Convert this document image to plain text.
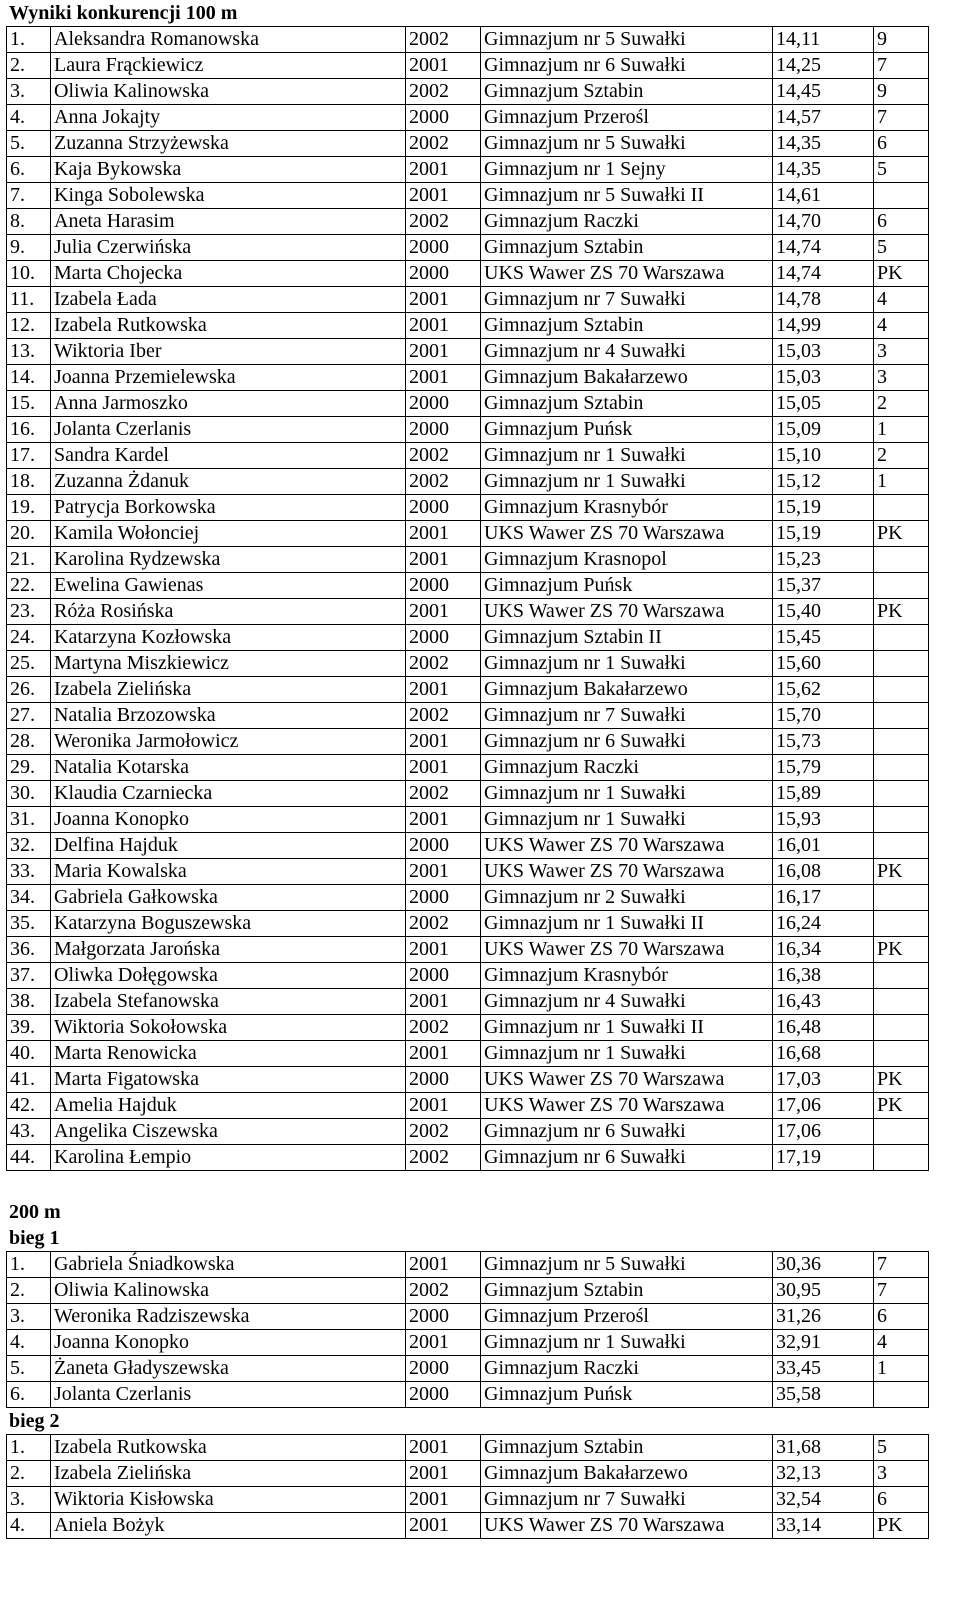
Wyniki konkurencji 100 m
1.	Aleksandra Romanowska	2002	Gimnazjum nr 5 Suwałki	14,11	9
2.	Laura Frąckiewicz	2001	Gimnazjum nr 6 Suwałki	14,25	7
3.	Oliwia Kalinowska	2002	Gimnazjum Sztabin	14,45	9
4.	Anna Jokajty	2000	Gimnazjum Przerośl	14,57	7
5.	Zuzanna Strzyżewska	2002	Gimnazjum nr 5 Suwałki	14,35	6
6.	Kaja Bykowska	2001	Gimnazjum nr 1 Sejny	14,35	5
7.	Kinga Sobolewska	2001	Gimnazjum nr 5 Suwałki II	14,61	
8.	Aneta Harasim	2002	Gimnazjum Raczki	14,70	6
9.	Julia Czerwińska	2000	Gimnazjum Sztabin	14,74	5
10.	Marta Chojecka	2000	UKS Wawer ZS 70 Warszawa	14,74	PK
11.	Izabela Łada	2001	Gimnazjum nr 7 Suwałki	14,78	4
12.	Izabela Rutkowska	2001	Gimnazjum Sztabin	14,99	4
13.	Wiktoria Iber	2001	Gimnazjum nr 4 Suwałki	15,03	3
14.	Joanna Przemielewska	2001	Gimnazjum Bakałarzewo	15,03	3
15.	Anna Jarmoszko	2000	Gimnazjum Sztabin	15,05	2
16.	Jolanta Czerlanis	2000	Gimnazjum Puńsk	15,09	1
17.	Sandra Kardel	2002	Gimnazjum nr 1 Suwałki	15,10	2
18.	Zuzanna Żdanuk	2002	Gimnazjum nr 1 Suwałki	15,12	1
19.	Patrycja Borkowska	2000	Gimnazjum Krasnybór	15,19	
20.	Kamila Wołonciej	2001	UKS Wawer ZS 70 Warszawa	15,19	PK
21.	Karolina Rydzewska	2001	Gimnazjum Krasnopol	15,23	
22.	Ewelina Gawienas	2000	Gimnazjum Puńsk	15,37	
23.	Róża Rosińska	2001	UKS Wawer ZS 70 Warszawa	15,40	PK
24.	Katarzyna Kozłowska	2000	Gimnazjum Sztabin II	15,45	
25.	Martyna Miszkiewicz	2002	Gimnazjum nr 1 Suwałki	15,60	
26.	Izabela Zielińska	2001	Gimnazjum Bakałarzewo	15,62	
27.	Natalia Brzozowska	2002	Gimnazjum nr 7 Suwałki	15,70	
28.	Weronika Jarmołowicz	2001	Gimnazjum nr 6 Suwałki	15,73	
29.	Natalia Kotarska	2001	Gimnazjum Raczki	15,79	
30.	Klaudia Czarniecka	2002	Gimnazjum nr 1 Suwałki	15,89	
31.	Joanna Konopko	2001	Gimnazjum nr 1 Suwałki	15,93	
32.	Delfina Hajduk	2000	UKS Wawer ZS 70 Warszawa	16,01	
33.	Maria Kowalska	2001	UKS Wawer ZS 70 Warszawa	16,08	PK
34.	Gabriela Gałkowska	2000	Gimnazjum nr 2 Suwałki	16,17	
35.	Katarzyna Boguszewska	2002	Gimnazjum nr 1 Suwałki II	16,24	
36.	Małgorzata Jarońska	2001	UKS Wawer ZS 70 Warszawa	16,34	PK
37.	Oliwka Dołęgowska	2000	Gimnazjum Krasnybór	16,38	
38.	Izabela Stefanowska	2001	Gimnazjum nr 4 Suwałki	16,43	
39.	Wiktoria Sokołowska	2002	Gimnazjum nr 1 Suwałki II	16,48	
40.	Marta Renowicka	2001	Gimnazjum nr 1 Suwałki	16,68	
41.	Marta Figatowska	2000	UKS Wawer ZS 70 Warszawa	17,03	PK
42.	Amelia Hajduk	2001	UKS Wawer ZS 70 Warszawa	17,06	PK
43.	Angelika Ciszewska	2002	Gimnazjum nr 6 Suwałki	17,06	
44.	Karolina Łempio	2002	Gimnazjum nr 6 Suwałki	17,19	
200 m
bieg 1
1.	Gabriela Śniadkowska	2001	Gimnazjum nr 5 Suwałki	30,36	7
2.	Oliwia Kalinowska	2002	Gimnazjum Sztabin	30,95	7
3.	Weronika Radziszewska	2000	Gimnazjum Przerośl	31,26	6
4.	Joanna Konopko	2001	Gimnazjum nr 1 Suwałki	32,91	4
5.	Żaneta Gładyszewska	2000	Gimnazjum Raczki	33,45	1
6.	Jolanta Czerlanis	2000	Gimnazjum Puńsk	35,58	
bieg 2
1.	Izabela Rutkowska	2001	Gimnazjum Sztabin	31,68	5
2.	Izabela Zielińska	2001	Gimnazjum Bakałarzewo	32,13	3
3.	Wiktoria Kisłowska	2001	Gimnazjum nr 7 Suwałki	32,54	6
4.	Aniela Bożyk	2001	UKS Wawer ZS 70 Warszawa	33,14	PK
